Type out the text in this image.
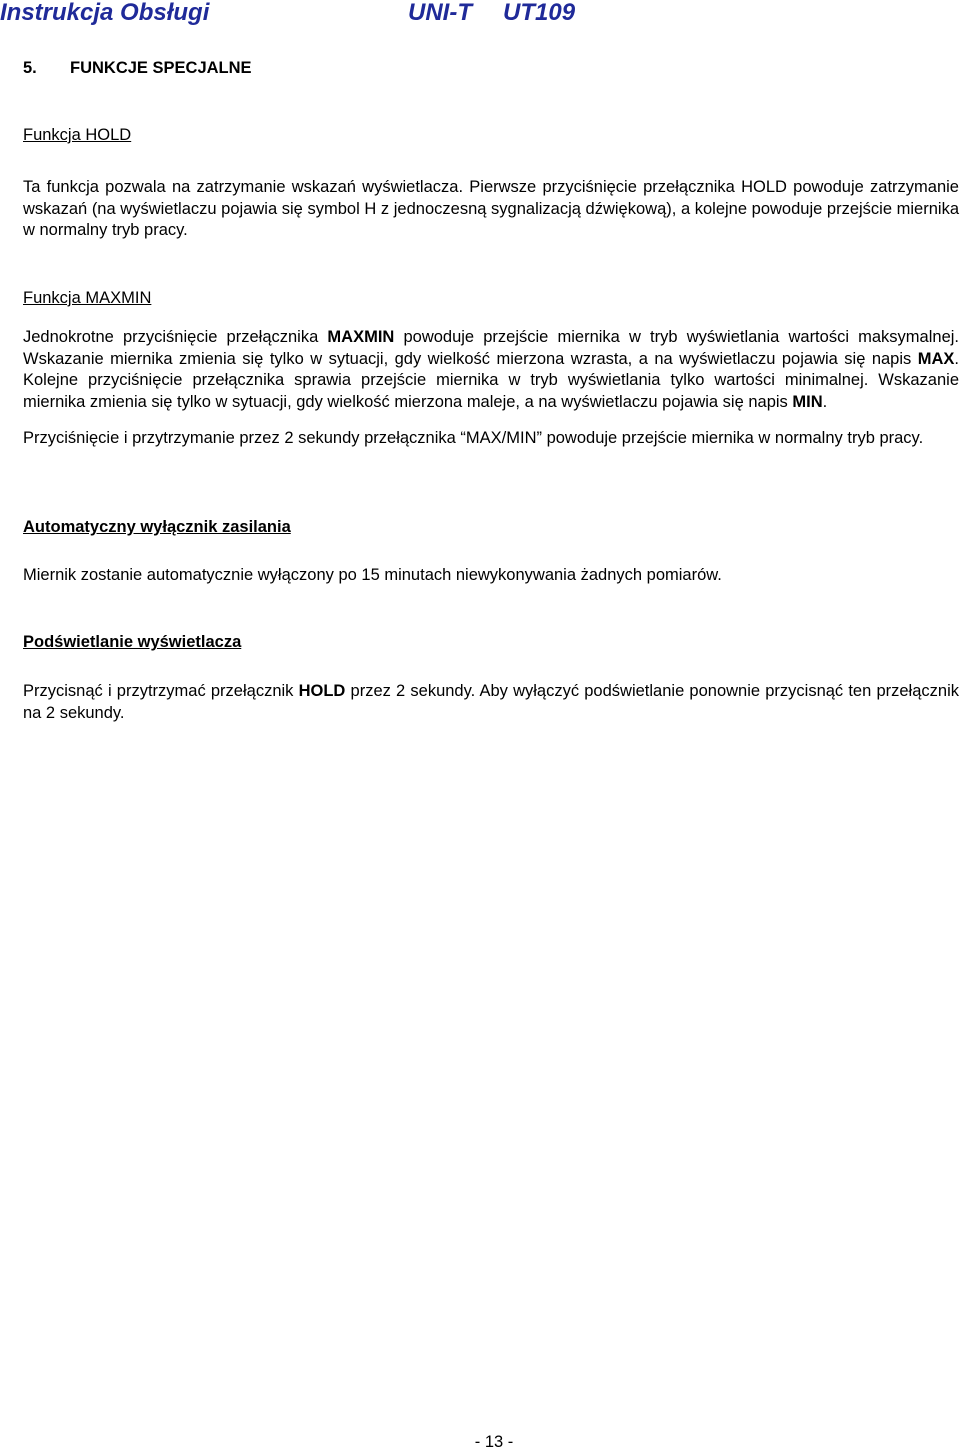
Instrukcja Obsługi	UNI-T UT109
5. FUNKCJE SPECJALNE
Funkcja HOLD

Ta funkcja pozwala na zatrzymanie wskazań wyświetlacza. Pierwsze przyciśnięcie przełącznika HOLD powoduje zatrzymanie wskazań (na wyświetlaczu pojawia się symbol H z jednoczesną sygnalizacją dźwiękową), a kolejne powoduje przejście miernika w normalny tryb pracy.

Funkcja MAXMIN

Jednokrotne przyciśnięcie przełącznika MAXMIN powoduje przejście miernika w tryb wyświetlania wartości maksymalnej. Wskazanie miernika zmienia się tylko w sytuacji, gdy wielkość mierzona wzrasta, a na wyświetlaczu pojawia się napis MAX. Kolejne przyciśnięcie przełącznika sprawia przejście miernika w tryb wyświetlania tylko wartości minimalnej. Wskazanie miernika zmienia się tylko w sytuacji, gdy wielkość mierzona maleje, a na wyświetlaczu pojawia się napis MIN.

Przyciśnięcie i przytrzymanie przez 2 sekundy przełącznika “MAX/MIN” powoduje przejście miernika w normalny tryb pracy.

Automatyczny wyłącznik zasilania

Miernik zostanie automatycznie wyłączony po 15 minutach niewykonywania żadnych pomiarów.

Podświetlanie wyświetlacza

Przycisnąć i przytrzymać przełącznik HOLD przez 2 sekundy. Aby wyłączyć podświetlanie ponownie przycisnąć ten przełącznik na 2 sekundy.

- 13 -
